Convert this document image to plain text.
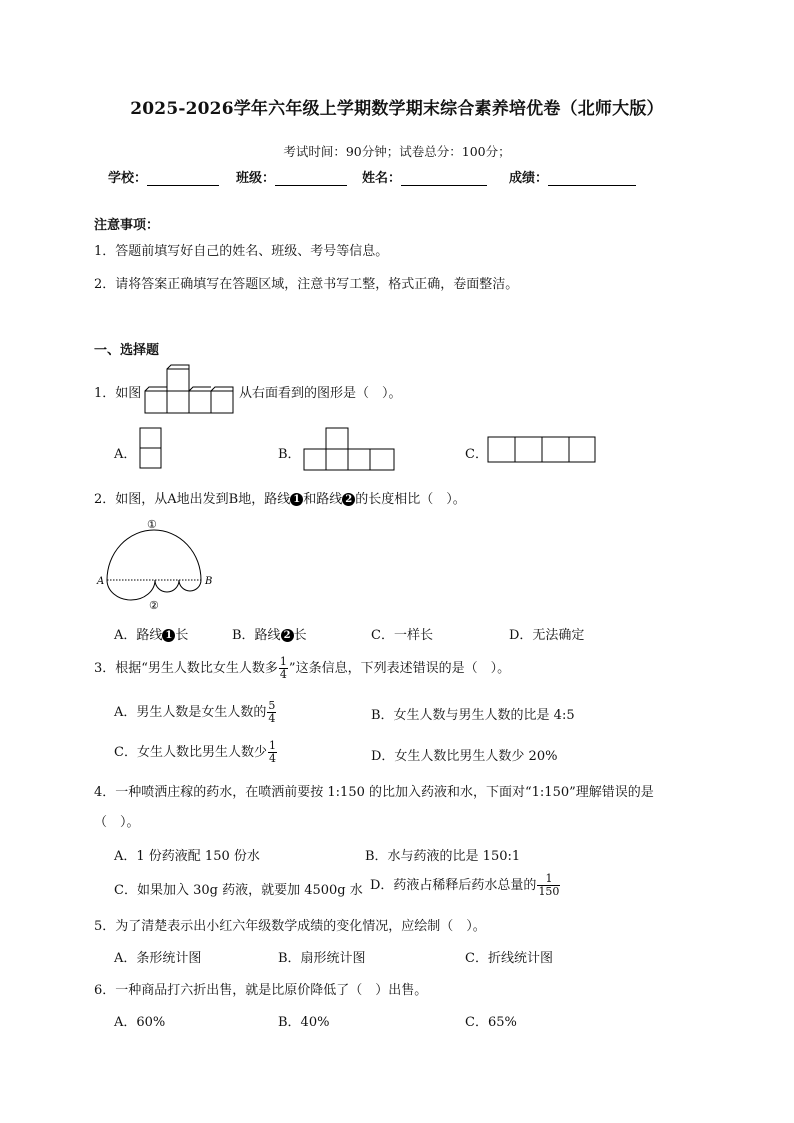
2025-2026学年六年级上学期数学期末综合素养培优卷（北师大版）
考试时间：90分钟；试卷总分：100分；
学校：	班级：	姓名：	成绩：
注意事项：
1．答题前填写好自己的姓名、班级、考号等信息。
2．请将答案正确填写在答题区域，注意书写工整，格式正确，卷面整洁。
一、选择题
1．如图	从右面看到的图形是（　）。
A．	B．	C．
2．如图，从A地出发到B地，路线 1 和路线 2 的长度相比（　）。
A	B
①
②
A．路线 1 长	B．路线 2 长	C．一样长	D．无法确定
3．根据“男生人数比女生人数多 $\frac{1}{4}$ ”这条信息，下列表述错误的是（　）。
A．男生人数是女生人数的 $\frac{5}{4}$	B．女生人数与男生人数的比是 4:5
C．女生人数比男生人数少 $\frac{1}{4}$	D．女生人数比男生人数少 20%
4．一种喷洒庄稼的药水，在喷洒前要按 1:150 的比加入药液和水，下面对“1:150”理解错误的是
（　）。
A．1 份药液配 150 份水	B．水与药液的比是 150:1
C．如果加入 30g 药液，就要加 4500g 水 D．药液占稀释后药水总量的 $\frac{1}{150}$
5．为了清楚表示出小红六年级数学成绩的变化情况，应绘制（　）。
A．条形统计图	B．扇形统计图	C．折线统计图
6．一种商品打六折出售，就是比原价降低了（　）出售。
A．60%	B．40%	C．65%
